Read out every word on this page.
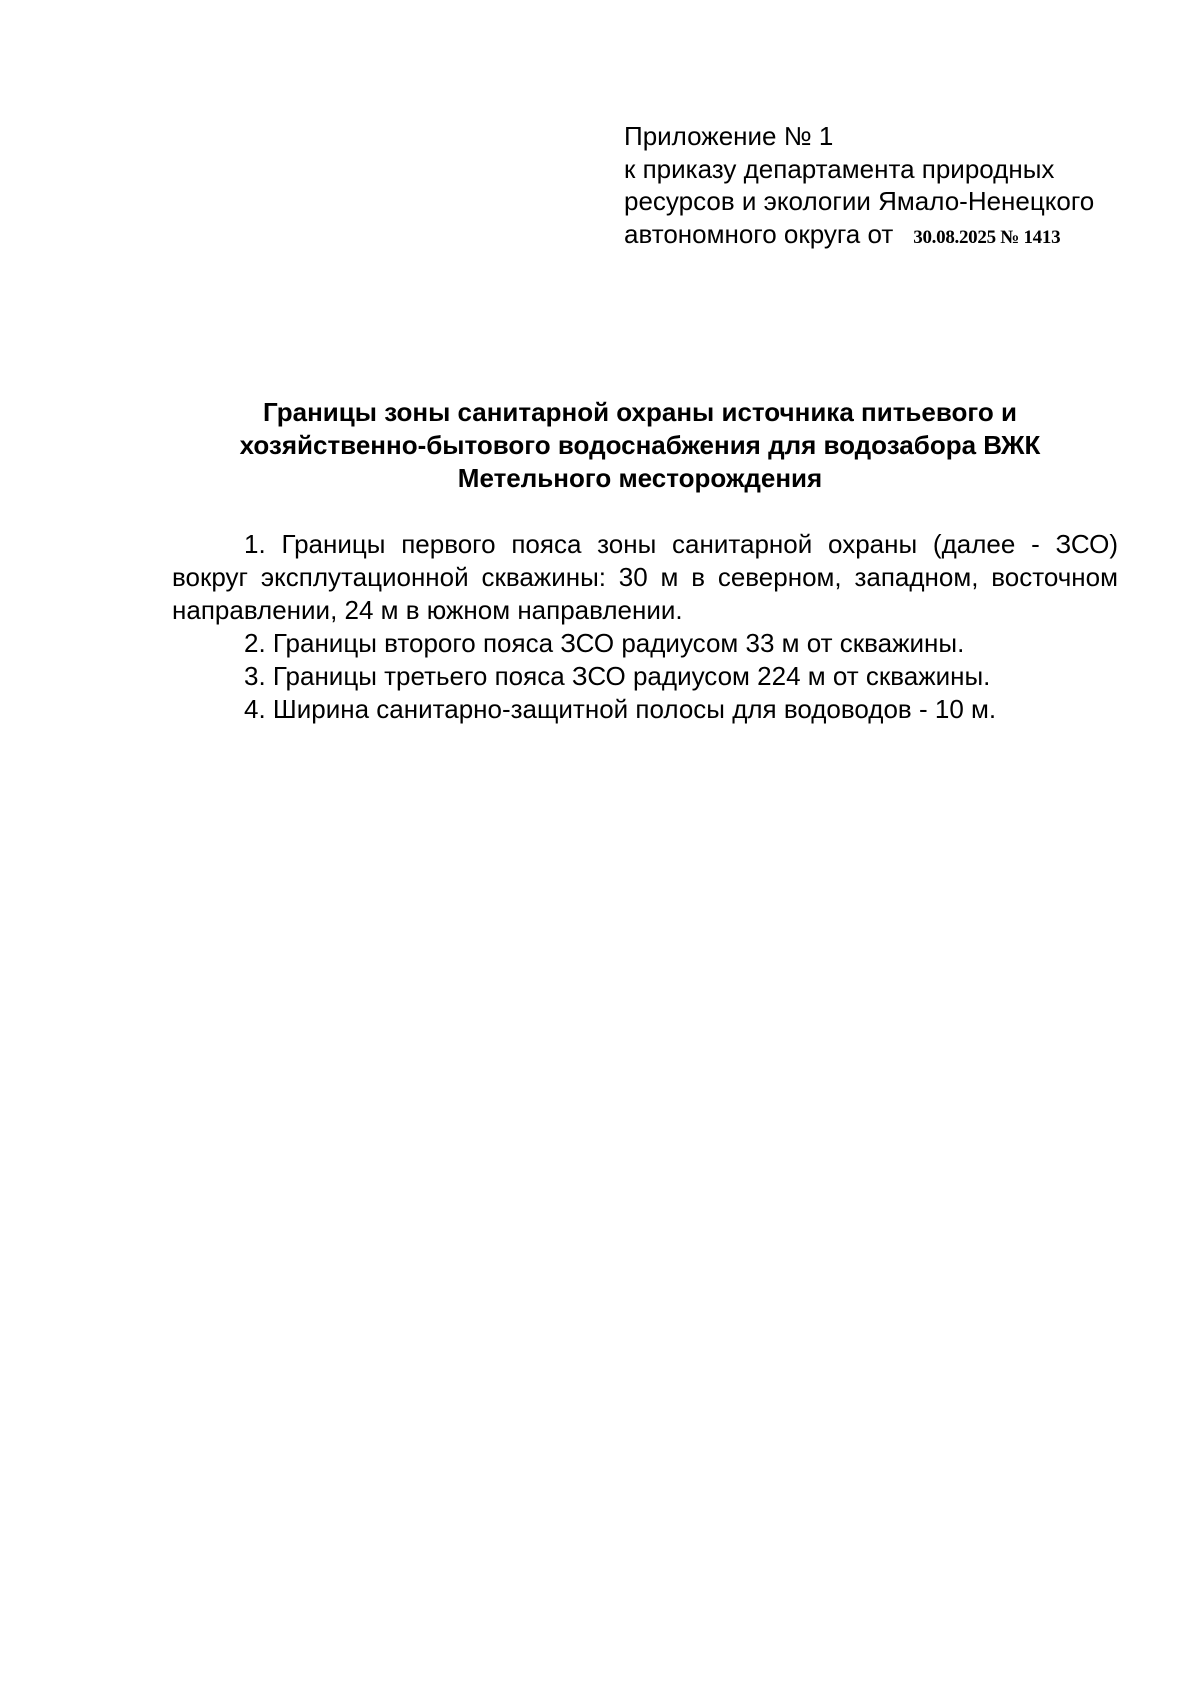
Приложение № 1
к приказу департамента природных
ресурсов и экологии Ямало-Ненецкого
автономного округа от 30.08.2025 № 1413
Границы зоны санитарной охраны источника питьевого и
хозяйственно-бытового водоснабжения для водозабора ВЖК
Метельного месторождения

1. Границы первого пояса зоны санитарной охраны (далее - ЗСО) вокруг эксплутационной скважины: 30 м в северном, западном, восточном направлении, 24 м в южном направлении.

2. Границы второго пояса ЗСО радиусом 33 м от скважины.

3. Границы третьего пояса ЗСО радиусом 224 м от скважины.

4. Ширина санитарно-защитной полосы для водоводов - 10 м.
